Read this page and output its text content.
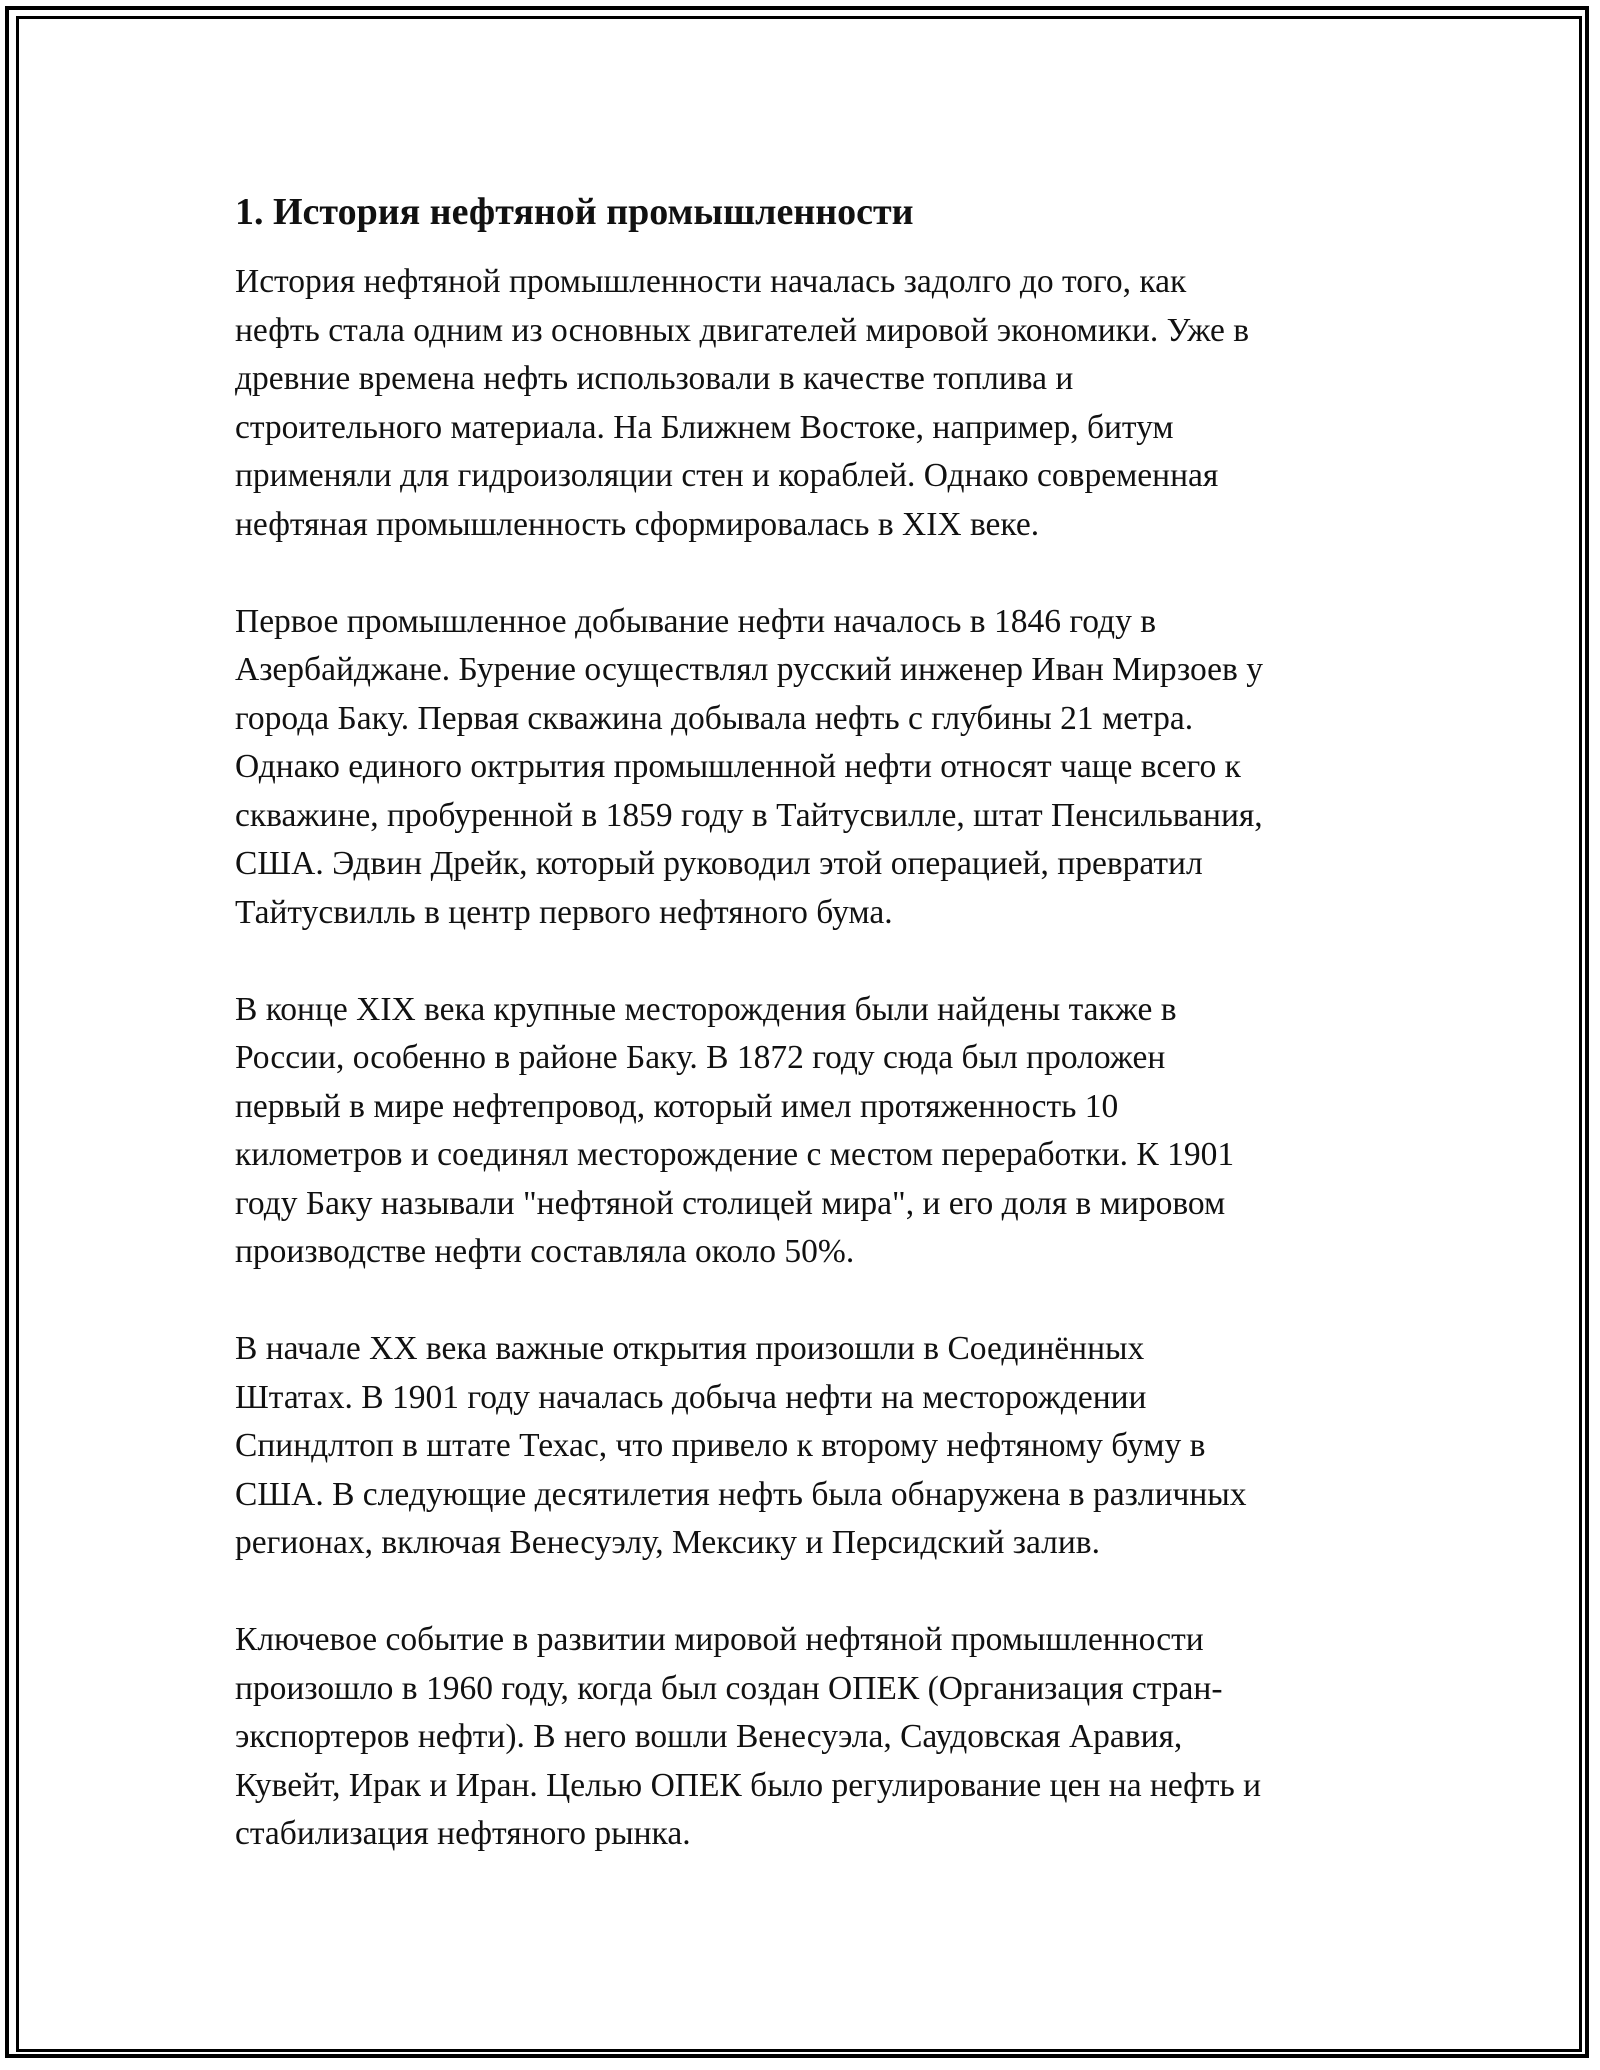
1. История нефтяной промышленности

История нефтяной промышленности началась задолго до того, как
нефть стала одним из основных двигателей мировой экономики. Уже в
древние времена нефть использовали в качестве топлива и
строительного материала. На Ближнем Востоке, например, битум
применяли для гидроизоляции стен и кораблей. Однако современная
нефтяная промышленность сформировалась в XIX веке.

Первое промышленное добывание нефти началось в 1846 году в
Азербайджане. Бурение осуществлял русский инженер Иван Мирзоев у
города Баку. Первая скважина добывала нефть с глубины 21 метра.
Однако единого октрытия промышленной нефти относят чаще всего к
скважине, пробуренной в 1859 году в Тайтусвилле, штат Пенсильвания,
США. Эдвин Дрейк, который руководил этой операцией, превратил
Тайтусвилль в центр первого нефтяного бума.

В конце XIX века крупные месторождения были найдены также в
России, особенно в районе Баку. В 1872 году сюда был проложен
первый в мире нефтепровод, который имел протяженность 10
километров и соединял месторождение с местом переработки. К 1901
году Баку называли "нефтяной столицей мира", и его доля в мировом
производстве нефти составляла около 50%.

В начале XX века важные открытия произошли в Соединённых
Штатах. В 1901 году началась добыча нефти на месторождении
Спиндлтоп в штате Техас, что привело к второму нефтяному буму в
США. В следующие десятилетия нефть была обнаружена в различных
регионах, включая Венесуэлу, Мексику и Персидский залив.

Ключевое событие в развитии мировой нефтяной промышленности
произошло в 1960 году, когда был создан ОПЕК (Организация стран-
экспортеров нефти). В него вошли Венесуэла, Саудовская Аравия,
Кувейт, Ирак и Иран. Целью ОПЕК было регулирование цен на нефть и
стабилизация нефтяного рынка.
